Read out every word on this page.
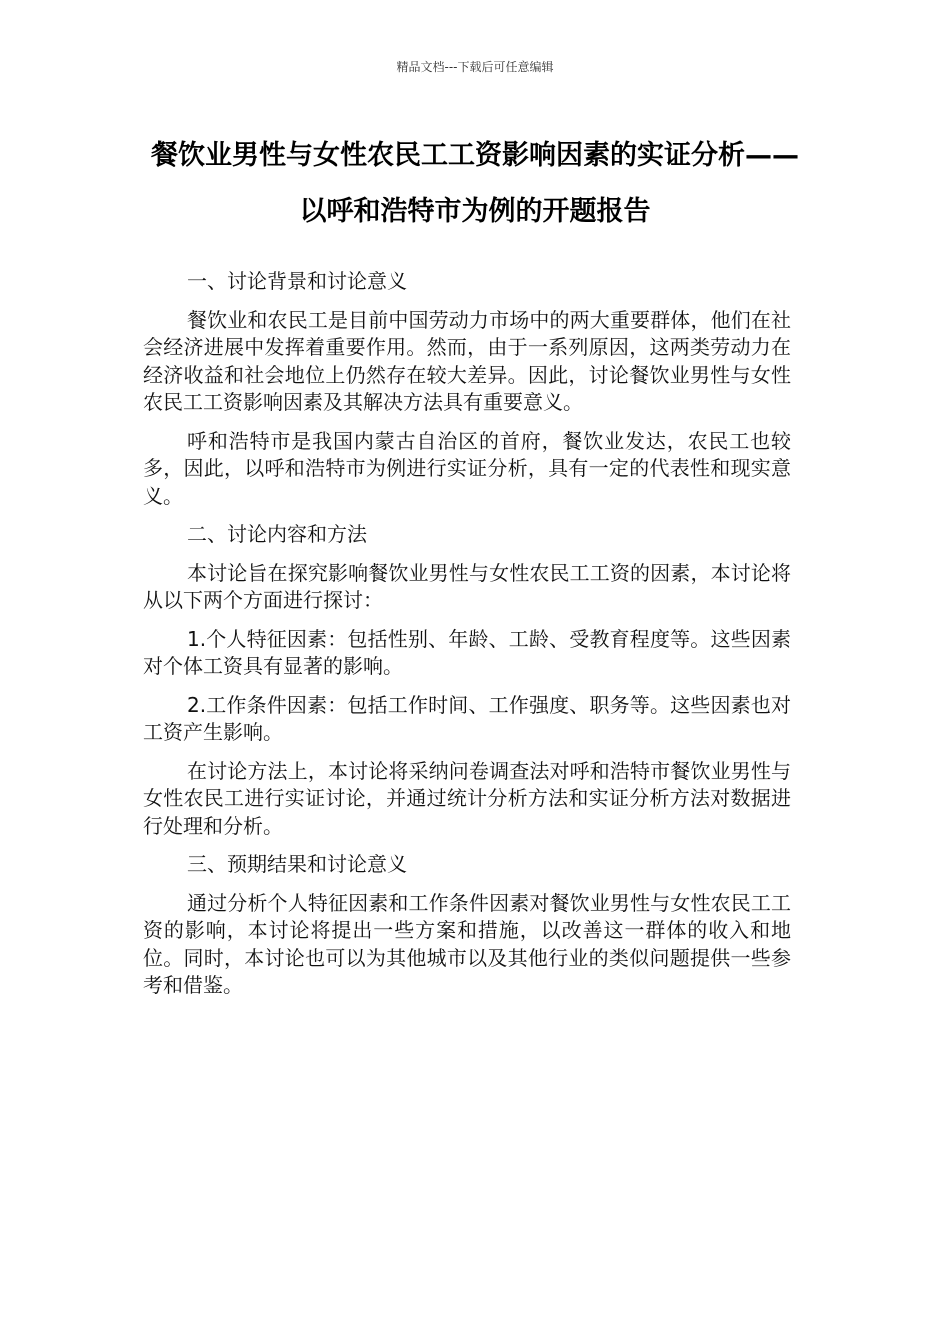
精品文档---下载后可任意编辑
餐饮业男性与女性农民工工资影响因素的实证分析——以呼和浩特市为例的开题报告

一、讨论背景和讨论意义

餐饮业和农民工是目前中国劳动力市场中的两大重要群体，他们在社会经济进展中发挥着重要作用。然而，由于一系列原因，这两类劳动力在经济收益和社会地位上仍然存在较大差异。因此，讨论餐饮业男性与女性农民工工资影响因素及其解决方法具有重要意义。

呼和浩特市是我国内蒙古自治区的首府，餐饮业发达，农民工也较多，因此，以呼和浩特市为例进行实证分析，具有一定的代表性和现实意义。

二、讨论内容和方法

本讨论旨在探究影响餐饮业男性与女性农民工工资的因素，本讨论将从以下两个方面进行探讨：

1.个人特征因素：包括性别、年龄、工龄、受教育程度等。这些因素对个体工资具有显著的影响。

2.工作条件因素：包括工作时间、工作强度、职务等。这些因素也对工资产生影响。

在讨论方法上，本讨论将采纳问卷调查法对呼和浩特市餐饮业男性与女性农民工进行实证讨论，并通过统计分析方法和实证分析方法对数据进行处理和分析。

三、预期结果和讨论意义

通过分析个人特征因素和工作条件因素对餐饮业男性与女性农民工工资的影响，本讨论将提出一些方案和措施，以改善这一群体的收入和地位。同时，本讨论也可以为其他城市以及其他行业的类似问题提供一些参考和借鉴。
